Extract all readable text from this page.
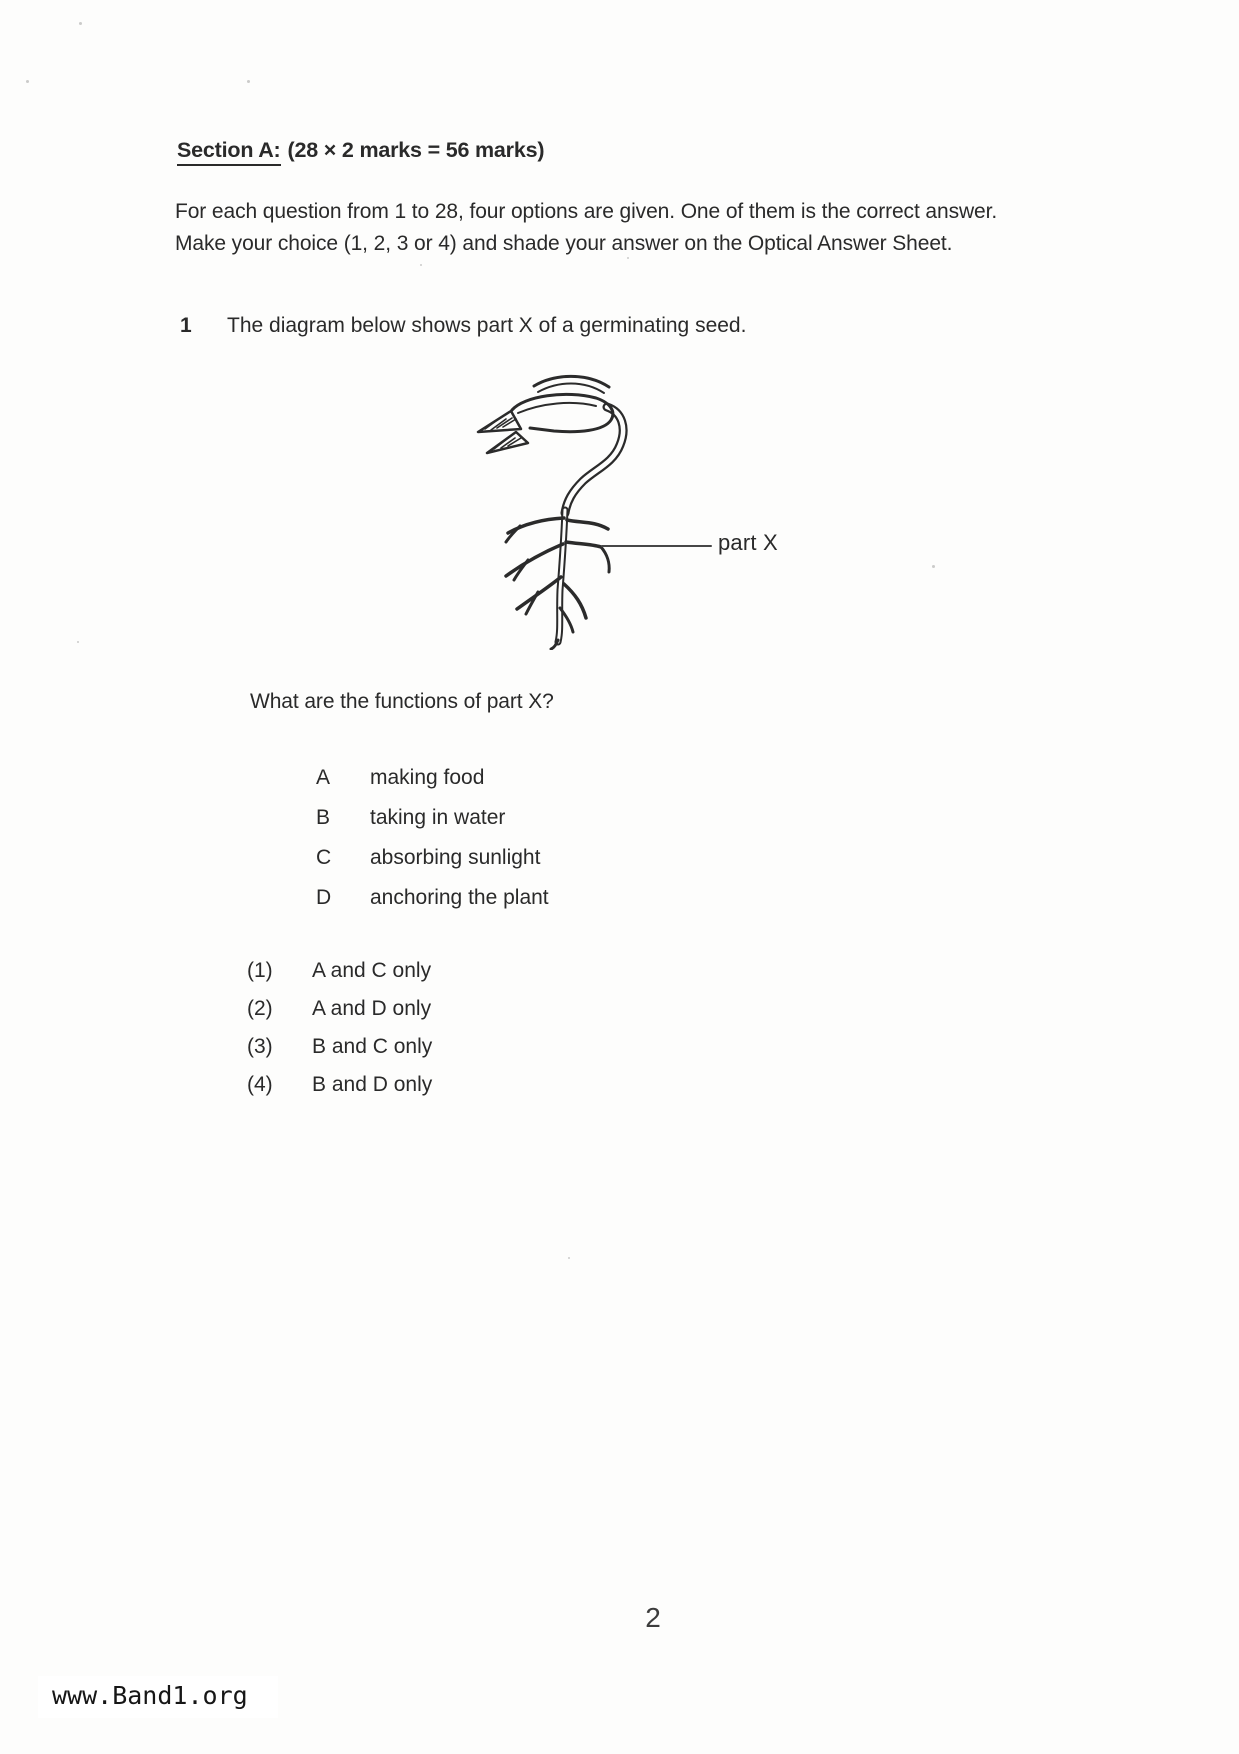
Section A: (28 × 2 marks = 56 marks)
For each question from 1 to 28, four options are given. One of them is the correct answer.
Make your choice (1, 2, 3 or 4) and shade your answer on the Optical Answer Sheet.
1 The diagram below shows part X of a germinating seed.
part X
What are the functions of part X?
A	making food
B	taking in water
C	absorbing sunlight
D	anchoring the plant
(1)	A and C only
(2)	A and D only
(3)	B and C only
(4)	B and D only
2
www.Band1.org
